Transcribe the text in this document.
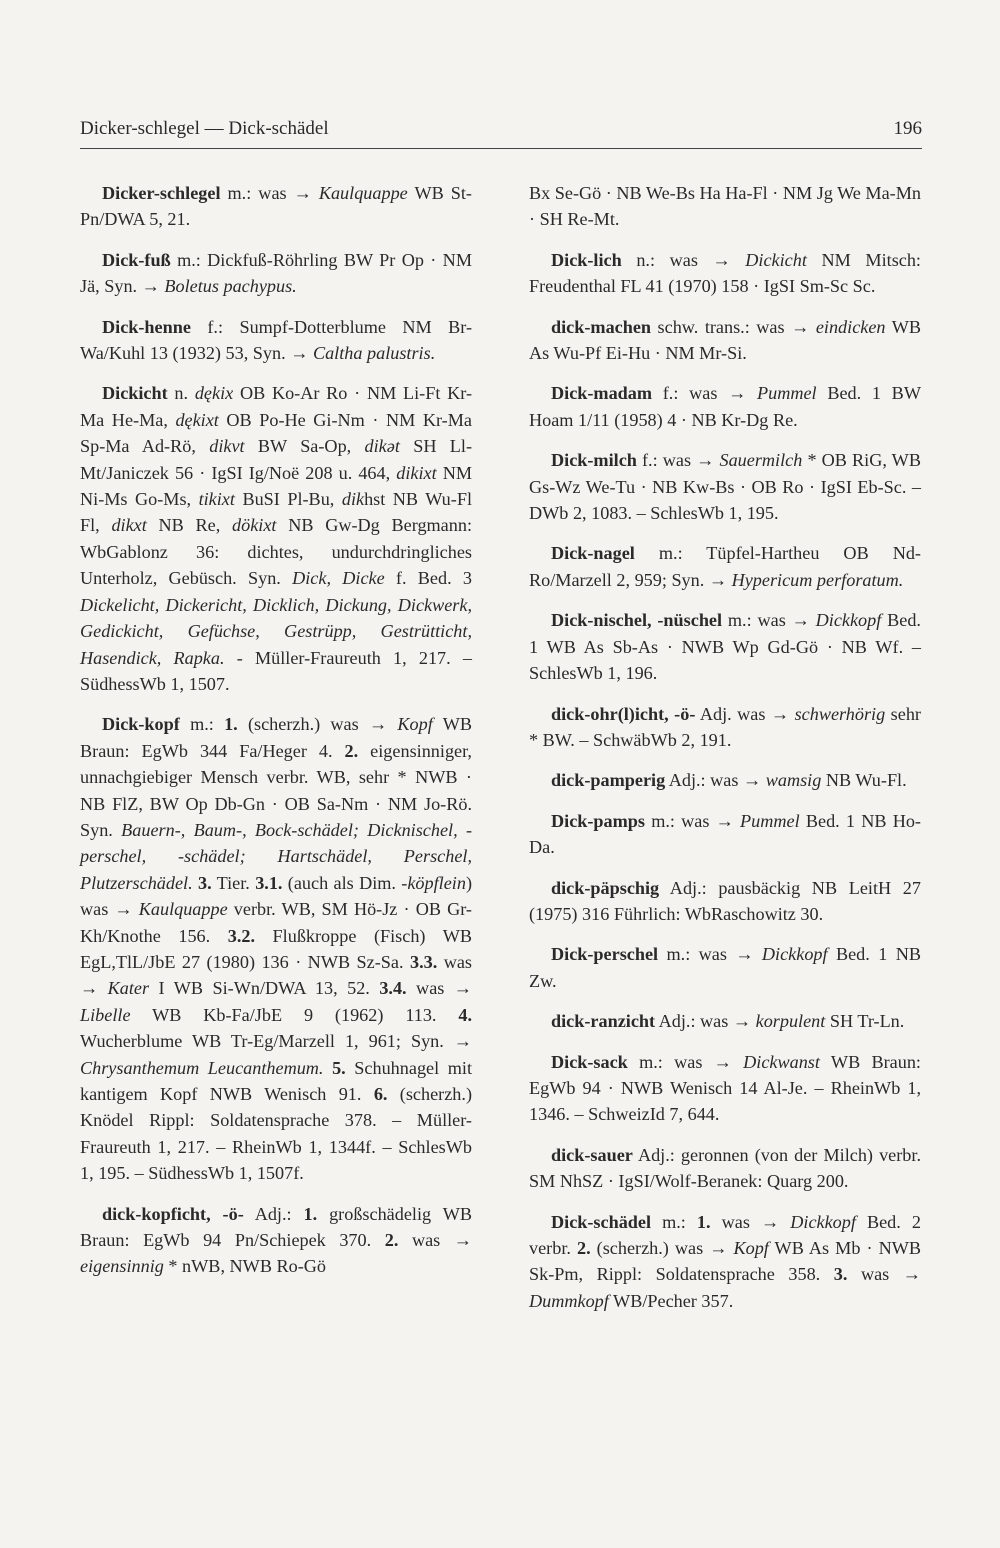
Dicker-schlegel — Dick-schädel	196

Dicker-schlegel m.: was → Kaulquappe WB St-Pn/DWA 5, 21.

Dick-fuß m.: Dickfuß-Röhrling BW Pr Op · NM Jä, Syn. → Boletus pachypus.

Dick-henne f.: Sumpf-Dotterblume NM Br-Wa/Kuhl 13 (1932) 53, Syn. → Caltha palustris.

Dickicht n. dękix OB Ko-Ar Ro · NM Li-Ft Kr-Ma He-Ma, dękixt OB Po-He Gi-Nm · NM Kr-Ma Sp-Ma Ad-Rö, dikvt BW Sa-Op, dikət SH Ll-Mt/Janiczek 56 · IgSI Ig/Noë 208 u. 464, dikixt NM Ni-Ms Go-Ms, tikixt BuSI Pl-Bu, dikhst NB Wu-Fl Fl, dikxt NB Re, dökixt NB Gw-Dg Bergmann: WbGablonz 36: dichtes, undurchdringliches Unterholz, Gebüsch. Syn. Dick, Dicke f. Bed. 3 Dickelicht, Dickericht, Dicklich, Dickung, Dickwerk, Gedickicht, Gefüchse, Gestrüpp, Gestrütticht, Hasendick, Rapka. - Müller-Fraureuth 1, 217. – SüdhessWb 1, 1507.

Dick-kopf m.: 1. (scherzh.) was → Kopf WB Braun: EgWb 344 Fa/Heger 4. 2. eigensinniger, unnachgiebiger Mensch verbr. WB, sehr * NWB · NB FlZ, BW Op Db-Gn · OB Sa-Nm · NM Jo-Rö. Syn. Bauern-, Baum-, Bock-schädel; Dicknischel, -perschel, -schädel; Hartschädel, Perschel, Plutzerschädel. 3. Tier. 3.1. (auch als Dim. -köpflein) was → Kaulquappe verbr. WB, SM Hö-Jz · OB Gr-Kh/Knothe 156. 3.2. Flußkroppe (Fisch) WB EgL,TlL/JbE 27 (1980) 136 · NWB Sz-Sa. 3.3. was → Kater I WB Si-Wn/DWA 13, 52. 3.4. was → Libelle WB Kb-Fa/JbE 9 (1962) 113. 4. Wucherblume WB Tr-Eg/Marzell 1, 961; Syn. → Chrysanthemum Leucanthemum. 5. Schuhnagel mit kantigem Kopf NWB Wenisch 91. 6. (scherzh.) Knödel Rippl: Soldatensprache 378. – Müller-Fraureuth 1, 217. – RheinWb 1, 1344f. – SchlesWb 1, 195. – SüdhessWb 1, 1507f.

dick-kopficht, -ö- Adj.: 1. großschädelig WB Braun: EgWb 94 Pn/Schiepek 370. 2. was → eigensinnig * nWB, NWB Ro-Gö

Bx Se-Gö · NB We-Bs Ha Ha-Fl · NM Jg We Ma-Mn · SH Re-Mt.

Dick-lich n.: was → Dickicht NM Mitsch: Freudenthal FL 41 (1970) 158 · IgSI Sm-Sc Sc.

dick-machen schw. trans.: was → eindicken WB As Wu-Pf Ei-Hu · NM Mr-Si.

Dick-madam f.: was → Pummel Bed. 1 BW Hoam 1/11 (1958) 4 · NB Kr-Dg Re.

Dick-milch f.: was → Sauermilch * OB RiG, WB Gs-Wz We-Tu · NB Kw-Bs · OB Ro · IgSI Eb-Sc. – DWb 2, 1083. – SchlesWb 1, 195.

Dick-nagel m.: Tüpfel-Hartheu OB Nd-Ro/Marzell 2, 959; Syn. → Hypericum perforatum.

Dick-nischel, -nüschel m.: was → Dickkopf Bed. 1 WB As Sb-As · NWB Wp Gd-Gö · NB Wf. – SchlesWb 1, 196.

dick-ohr(l)icht, -ö- Adj. was → schwerhörig sehr * BW. – SchwäbWb 2, 191.

dick-pamperig Adj.: was → wamsig NB Wu-Fl.

Dick-pamps m.: was → Pummel Bed. 1 NB Ho-Da.

dick-päpschig Adj.: pausbäckig NB LeitH 27 (1975) 316 Führlich: WbRaschowitz 30.

Dick-perschel m.: was → Dickkopf Bed. 1 NB Zw.

dick-ranzicht Adj.: was → korpulent SH Tr-Ln.

Dick-sack m.: was → Dickwanst WB Braun: EgWb 94 · NWB Wenisch 14 Al-Je. – RheinWb 1, 1346. – SchweizId 7, 644.

dick-sauer Adj.: geronnen (von der Milch) verbr. SM NhSZ · IgSI/Wolf-Beranek: Quarg 200.

Dick-schädel m.: 1. was → Dickkopf Bed. 2 verbr. 2. (scherzh.) was → Kopf WB As Mb · NWB Sk-Pm, Rippl: Soldatensprache 358. 3. was → Dummkopf WB/Pecher 357.
